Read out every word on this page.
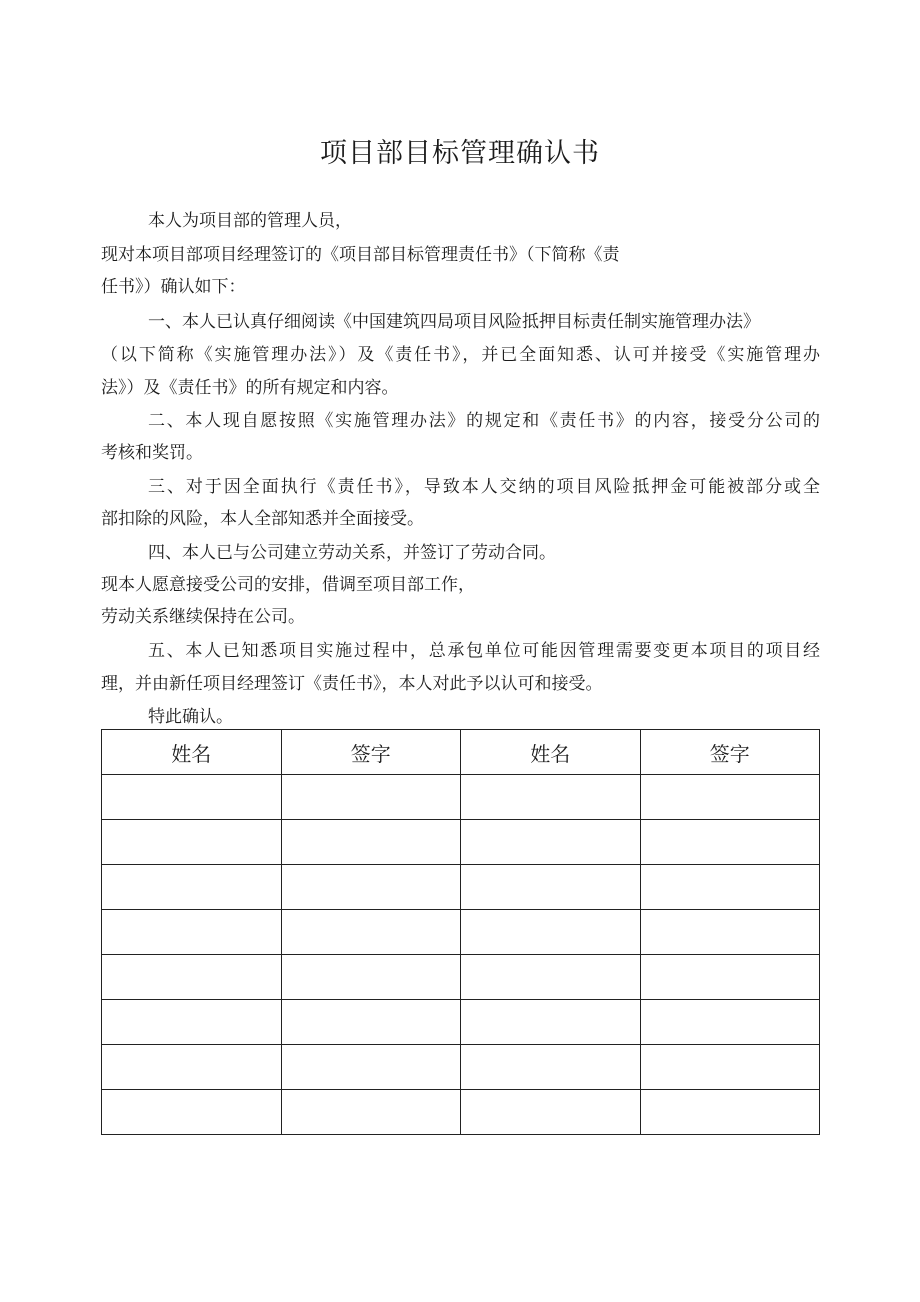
项目部目标管理确认书
本人为项目部的管理人员，
现对本项目部项目经理签订的《项目部目标管理责任书》（下简称《责
任书》）确认如下：
一、本人已认真仔细阅读《中国建筑四局项目风险抵押目标责任制实施管理办法》
（以下简称《实施管理办法》）及《责任书》，并已全面知悉、认可并接受《实施管理办
法》）及《责任书》的所有规定和内容。
二、本人现自愿按照《实施管理办法》的规定和《责任书》的内容，接受分公司的
考核和奖罚。
三、对于因全面执行《责任书》，导致本人交纳的项目风险抵押金可能被部分或全
部扣除的风险，本人全部知悉并全面接受。
四、本人已与公司建立劳动关系，并签订了劳动合同。
现本人愿意接受公司的安排，借调至项目部工作，
劳动关系继续保持在公司。
五、本人已知悉项目实施过程中，总承包单位可能因管理需要变更本项目的项目经
理，并由新任项目经理签订《责任书》，本人对此予以认可和接受。
特此确认。
姓名	签字	姓名	签字
